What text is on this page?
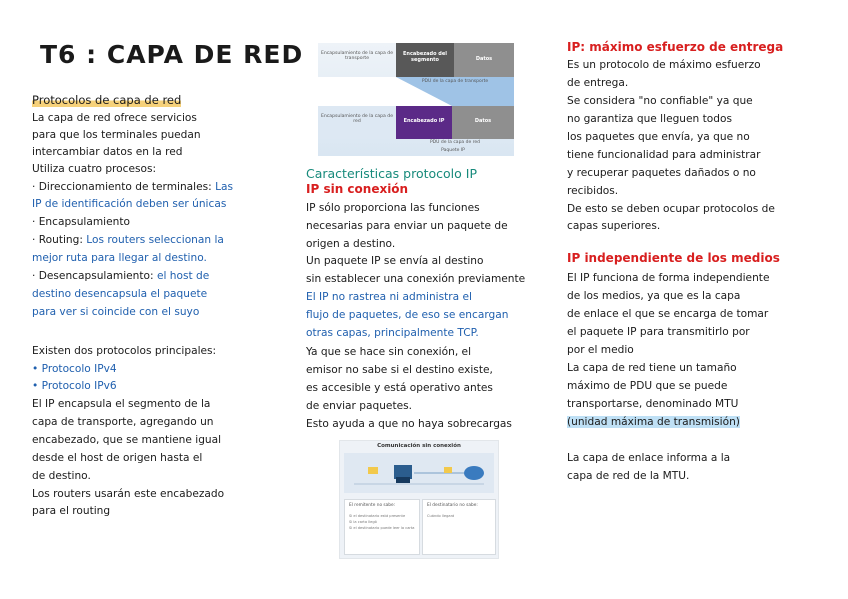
T6 : CAPA DE RED
Protocolos de capa de red
La capa de red ofrece servicios
para que los terminales puedan
intercambiar datos en la red
Utiliza cuatro procesos:
· Direccionamiento de terminales: Las
IP de identificación deben ser únicas
· Encapsulamiento
· Routing: Los routers seleccionan la
mejor ruta para llegar al destino.
· Desencapsulamiento: el host de
destino desencapsula el paquete
para ver si coincide con el suyo
Existen dos protocolos principales:
• Protocolo IPv4
• Protocolo IPv6
El IP encapsula el segmento de la
capa de transporte, agregando un
encabezado, que se mantiene igual
desde el host de origen hasta el
de destino.
Los routers usarán este encabezado
para el routing
Encapsulamiento de la capa de transporte
Encabezado del segmento	Datos
PDU de la capa de transporte
Encapsulamiento de la capa de red	Encabezado IP	Datos
PDU de la capa de red
Paquete IP
Características protocolo IP
IP sin conexión
IP sólo proporciona las funciones
necesarias para enviar un paquete de
origen a destino.
Un paquete IP se envía al destino
sin establecer una conexión previamente
El IP no rastrea ni administra el
flujo de paquetes, de eso se encargan
otras capas, principalmente TCP.
Ya que se hace sin conexión, el
emisor no sabe si el destino existe,
es accesible y está operativo antes
de enviar paquetes.
Esto ayuda a que no haya sobrecargas
Comunicación sin conexión
El remitente no sabe:
Si el destinatario está presente
Si la carta llegó
Si el destinatario puede leer la carta
El destinatario no sabe:
Cuándo llegará
IP: máximo esfuerzo de entrega
Es un protocolo de máximo esfuerzo
de entrega.
Se considera "no confiable" ya que
no garantiza que lleguen todos
los paquetes que envía, ya que no
tiene funcionalidad para administrar
y recuperar paquetes dañados o no
recibidos.
De esto se deben ocupar protocolos de
capas superiores.
IP independiente de los medios
El IP funciona de forma independiente
de los medios, ya que es la capa
de enlace el que se encarga de tomar
el paquete IP para transmitirlo por
por el medio
La capa de red tiene un tamaño
máximo de PDU que se puede
transportarse, denominado MTU
(unidad máxima de transmisión)
La capa de enlace informa a la
capa de red de la MTU.
